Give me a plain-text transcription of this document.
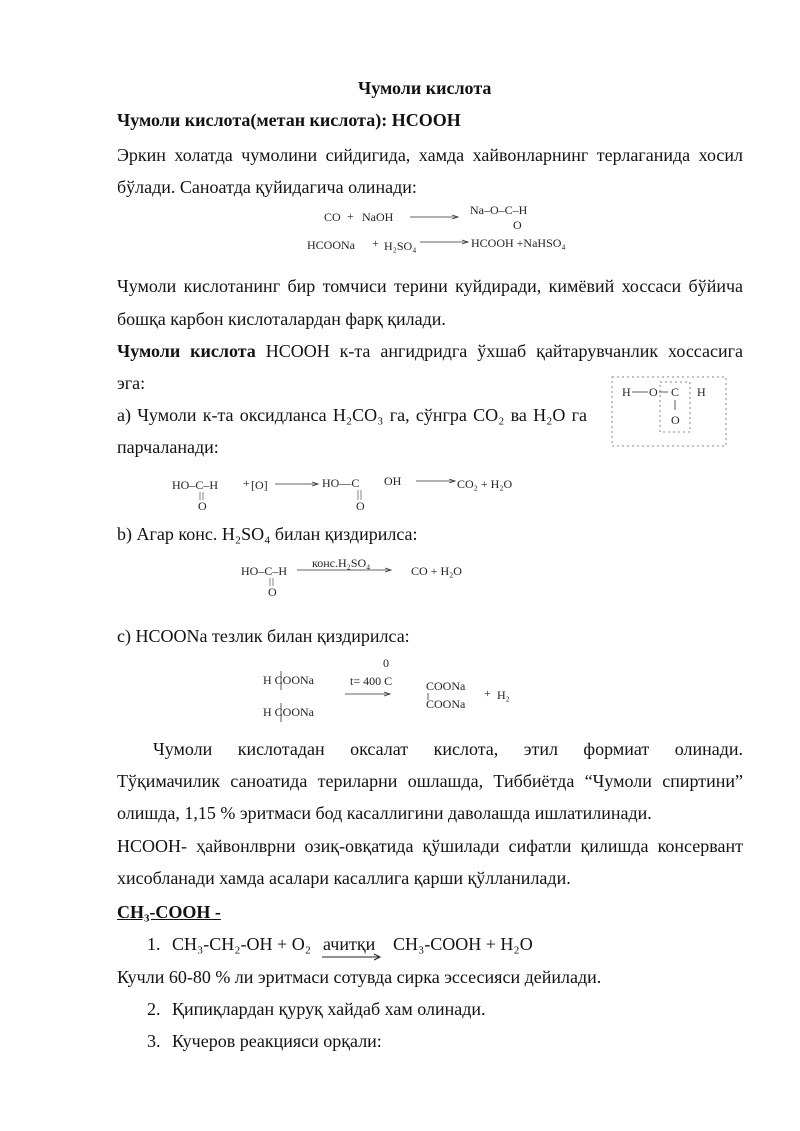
Чумоли кислота
Чумоли кислота(метан кислота): HCOOH
Эркин холатда чумолини сийдигида, хамда хайвонларнинг терлаганида хосил
бўлади. Саноатда қуйидагича олинади:
CO + NaOH	Na–O–C–H
O
HCOONa + H₂SO₄	HCOOH +NaHSO₄
Чумоли кислотанинг бир томчиси терини куйдиради, кимёвий хоссаси бўйича
бошқа карбон кислоталардан фарқ қилади.
Чумоли кислота HCOOH к-та ангидридга ўхшаб қайтарувчанлик хоссасига
эга:
a) Чумоли к-та оксидланса H₂CO₃ га, сўнгра CO₂ ва H₂O га
парчаланади:
H O C H
O
HO–C–H
O
+ [O]	HO—C
O
OH	CO₂ + H₂O
b) Агар конс. H₂SO₄ билан қиздирилса:
HO–C–H
O
конс.H₂SO₄
CO + H₂O
c) HCOONa тезлик билан қиздирилса:
H COONa
H COONa
0
t= 400 C	COONa
COONa
+ H₂
Чумоли кислотадан оксалат кислота, этил формиат олинади.
Тўқимачилик саноатида териларни ошлашда, Тиббиётда “Чумоли спиртини”
олишда, 1,15 % эритмаси бод касаллигини даволашда ишлатилинади.
HCOOH- ҳайвонлврни озиқ-овқатида қўшилади сифатли қилишда консервант
хисобланади хамда асалари касаллига қарши қўлланилади.
CH₃-COOH -
1. CH₃-CH₂-OH + O₂ ачитқи CH₃-COOH + H₂O
Кучли 60-80 % ли эритмаси сотувда сирка эссесияси дейилади.
2. Қипиқлардан қуруқ хайдаб хам олинади.
3. Кучеров реакцияси орқали:
